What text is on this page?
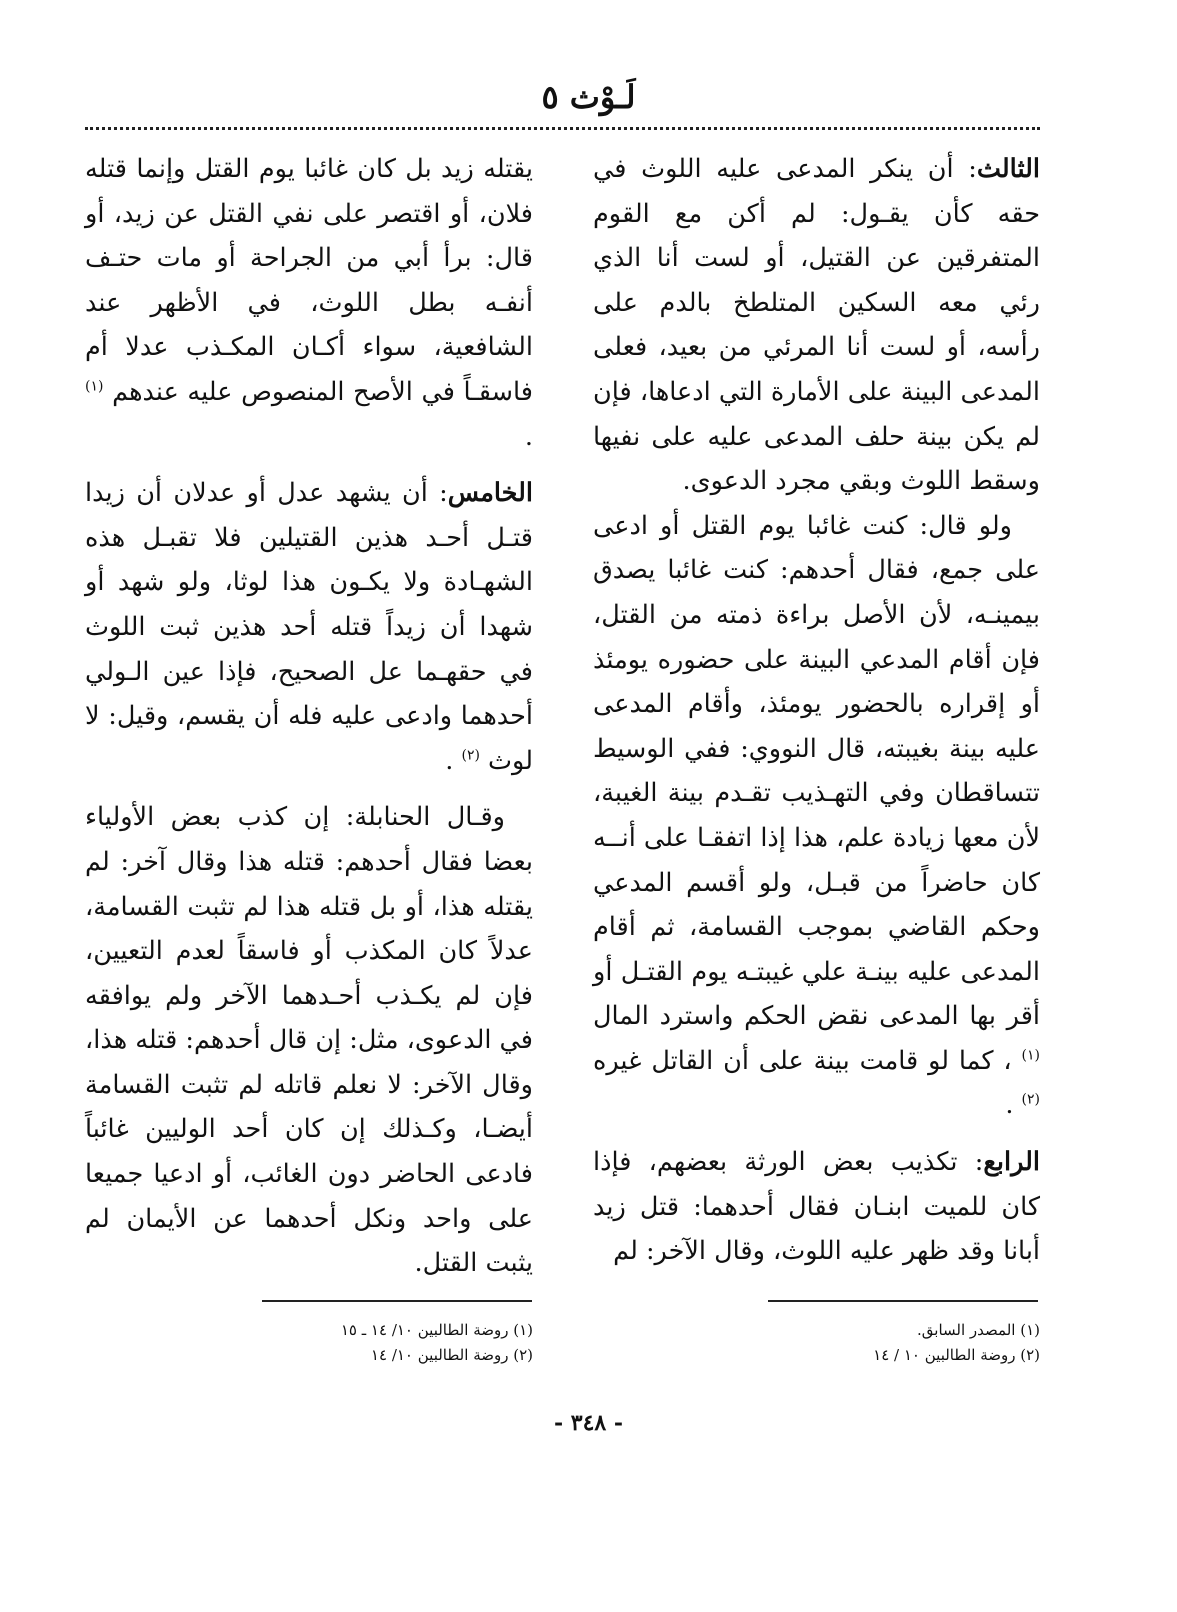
لَـوْث ٥

الثالث: أن ينكر المدعى عليه اللوث في حقه كأن يقـول: لم أكن مع القوم المتفرقين عن القتيل، أو لست أنا الذي رئي معه السكين المتلطخ بالدم على رأسه، أو لست أنا المرئي من بعيد، فعلى المدعى البينة على الأمارة التي ادعاها، فإن لم يكن بينة حلف المدعى عليه على نفيها وسقط اللوث وبقي مجرد الدعوى.

ولو قال: كنت غائبا يوم القتل أو ادعى على جمع، فقال أحدهم: كنت غائبا يصدق بيمينـه، لأن الأصل براءة ذمته من القتل، فإن أقام المدعي البينة على حضوره يومئذ أو إقراره بالحضور يومئذ، وأقام المدعى عليه بينة بغيبته، قال النووي: ففي الوسيط تتساقطان وفي التهـذيب تقـدم بينة الغيبة، لأن معها زيادة علم، هذا إذا اتفقـا على أنــه كان حاضراً من قبـل، ولو أقسم المدعي وحكم القاضي بموجب القسامة، ثم أقام المدعى عليه بينـة علي غيبتـه يوم القتـل أو أقر بها المدعى نقض الحكم واسترد المال $^{(١)}$ ، كما لو قامت بينة على أن القاتل غيره $^{(٢)}$ .

الرابع: تكذيب بعض الورثة بعضهم، فإذا كان للميت ابنـان فقال أحدهما: قتل زيد أبانا وقد ظهر عليه اللوث، وقال الآخر: لم

يقتله زيد بل كان غائبا يوم القتل وإنما قتله فلان، أو اقتصر على نفي القتل عن زيد، أو قال: برأ أبي من الجراحة أو مات حتـف أنفـه بطل اللوث، في الأظهر عند الشافعية، سواء أكـان المكـذب عدلا أم فاسقـاً في الأصح المنصوص عليه عندهم $^{(١)}$ .

الخامس: أن يشهد عدل أو عدلان أن زيدا قتـل أحـد هذين القتيلين فلا تقبـل هذه الشهـادة ولا يكـون هذا لوثا، ولو شهد أو شهدا أن زيداً قتله أحد هذين ثبت اللوث في حقهـما عل الصحيح، فإذا عين الـولي أحدهما وادعى عليه فله أن يقسم، وقيل: لا لوث $^{(٢)}$ .

وقـال الحنابلة: إن كذب بعض الأولياء بعضا فقال أحدهم: قتله هذا وقال آخر: لم يقتله هذا، أو بل قتله هذا لم تثبت القسامة، عدلاً كان المكذب أو فاسقاً لعدم التعيين، فإن لم يكـذب أحـدهما الآخر ولم يوافقه في الدعوى، مثل: إن قال أحدهم: قتله هذا، وقال الآخر: لا نعلم قاتله لم تثبت القسامة أيضـا، وكـذلك إن كان أحد الوليين غائباً فادعى الحاضر دون الغائب، أو ادعيا جميعا على واحد ونكل أحدهما عن الأيمان لم يثبت القتل.

(١) المصدر السابق.
(٢) روضة الطالبين ١٠ / ١٤
(١) روضة الطالبين ١٠/ ١٤ ـ ١٥
(٢) روضة الطالبين ١٠/ ١٤
- ٣٤٨ -
